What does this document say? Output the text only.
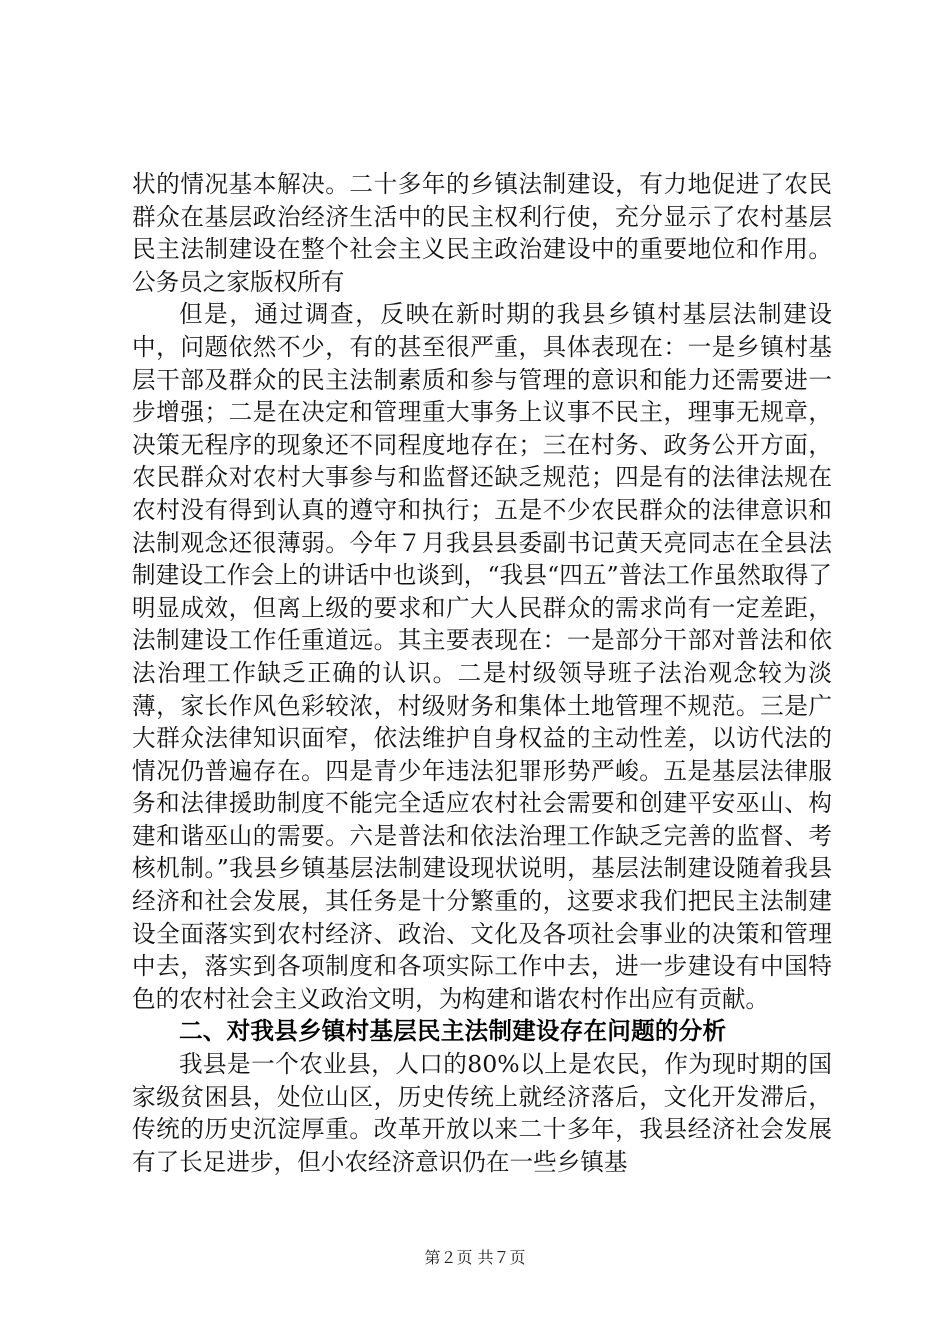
状的情况基本解决。二十多年的乡镇法制建设，有力地促进了农民群众在基层政治经济生活中的民主权利行使，充分显示了农村基层民主法制建设在整个社会主义民主政治建设中的重要地位和作用。公务员之家版权所有

但是，通过调查，反映在新时期的我县乡镇村基层法制建设中，问题依然不少，有的甚至很严重，具体表现在：一是乡镇村基层干部及群众的民主法制素质和参与管理的意识和能力还需要进一步增强；二是在决定和管理重大事务上议事不民主，理事无规章，决策无程序的现象还不同程度地存在；三在村务、政务公开方面，农民群众对农村大事参与和监督还缺乏规范；四是有的法律法规在农村没有得到认真的遵守和执行；五是不少农民群众的法律意识和法制观念还很薄弱。今年７月我县县委副书记黄天亮同志在全县法制建设工作会上的讲话中也谈到，“我县“四五”普法工作虽然取得了明显成效，但离上级的要求和广大人民群众的需求尚有一定差距，法制建设工作任重道远。其主要表现在：一是部分干部对普法和依法治理工作缺乏正确的认识。二是村级领导班子法治观念较为淡薄，家长作风色彩较浓，村级财务和集体土地管理不规范。三是广大群众法律知识面窄，依法维护自身权益的主动性差，以访代法的情况仍普遍存在。四是青少年违法犯罪形势严峻。五是基层法律服务和法律援助制度不能完全适应农村社会需要和创建平安巫山、构建和谐巫山的需要。六是普法和依法治理工作缺乏完善的监督、考核机制。”我县乡镇基层法制建设现状说明，基层法制建设随着我县经济和社会发展，其任务是十分繁重的，这要求我们把民主法制建设全面落实到农村经济、政治、文化及各项社会事业的决策和管理中去，落实到各项制度和各项实际工作中去，进一步建设有中国特色的农村社会主义政治文明，为构建和谐农村作出应有贡献。

二、对我县乡镇村基层民主法制建设存在问题的分析

我县是一个农业县，人口的80%以上是农民，作为现时期的国家级贫困县，处位山区，历史传统上就经济落后，文化开发滞后，传统的历史沉淀厚重。改革开放以来二十多年，我县经济社会发展有了长足进步，但小农经济意识仍在一些乡镇基

第２页 共７页
